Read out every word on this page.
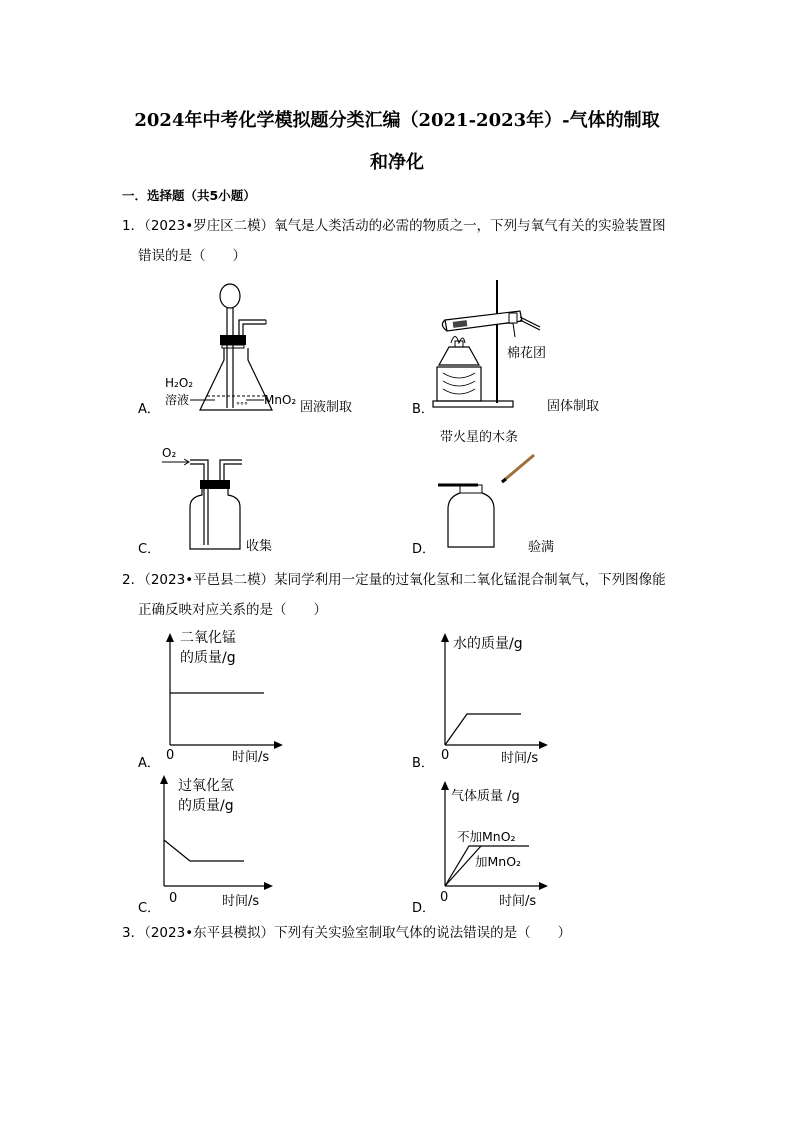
2024年中考化学模拟题分类汇编（2021-2023年）-气体的制取
和净化
一．选择题（共5小题）
1．（2023•罗庄区二模）氧气是人类活动的必需的物质之一，下列与氧气有关的实验装置图
错误的是（　　）
A．	°°°
H₂O₂
溶液	MnO₂ 固液制取	B．
棉花团
固体制取
C．
O₂
收集	D．
带火星的木条
验满
2．（2023•平邑县二模）某同学利用一定量的过氧化氢和二氧化锰混合制氧气，下列图像能
正确反映对应关系的是（　　）
A．
二氧化锰
的质量/g
0	时间/s	B．
水的质量/g
0	时间/s
C．
过氧化氢
的质量/g
0	时间/s	D．
气体质量 /g
不加MnO₂
加MnO₂
0	时间/s
3．（2023•东平县模拟）下列有关实验室制取气体的说法错误的是（　　）
